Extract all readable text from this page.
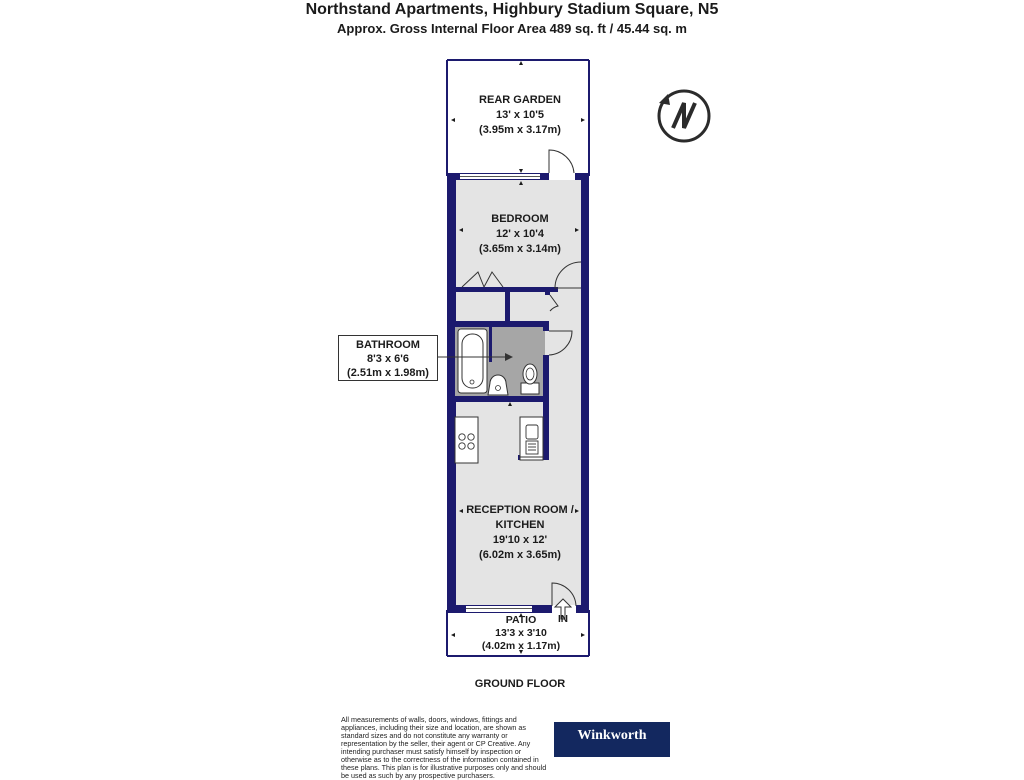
Northstand Apartments, Highbury Stadium Square, N5
Approx. Gross Internal Floor Area 489 sq. ft / 45.44 sq. m
REAR GARDEN
13' x 10'5
(3.95m x 3.17m)
BEDROOM
12' x 10'4
(3.65m x 3.14m)
BATHROOM
8'3 x 6'6
(2.51m x 1.98m)
RECEPTION ROOM /
KITCHEN
19'10 x 12'
(6.02m x 3.65m)
PATIO
13'3 x 3'10
(4.02m x 1.17m)
IN
GROUND FLOOR
All measurements of walls, doors, windows, fittings and appliances, including their size and location, are shown as standard sizes and do not constitute any warranty or representation by the seller, their agent or CP Creative. Any intending purchaser must satisfy himself by inspection or otherwise as to the correctness of the information contained in these plans. This plan is for illustrative purposes only and should be used as such by any prospective purchasers.
Winkworth
